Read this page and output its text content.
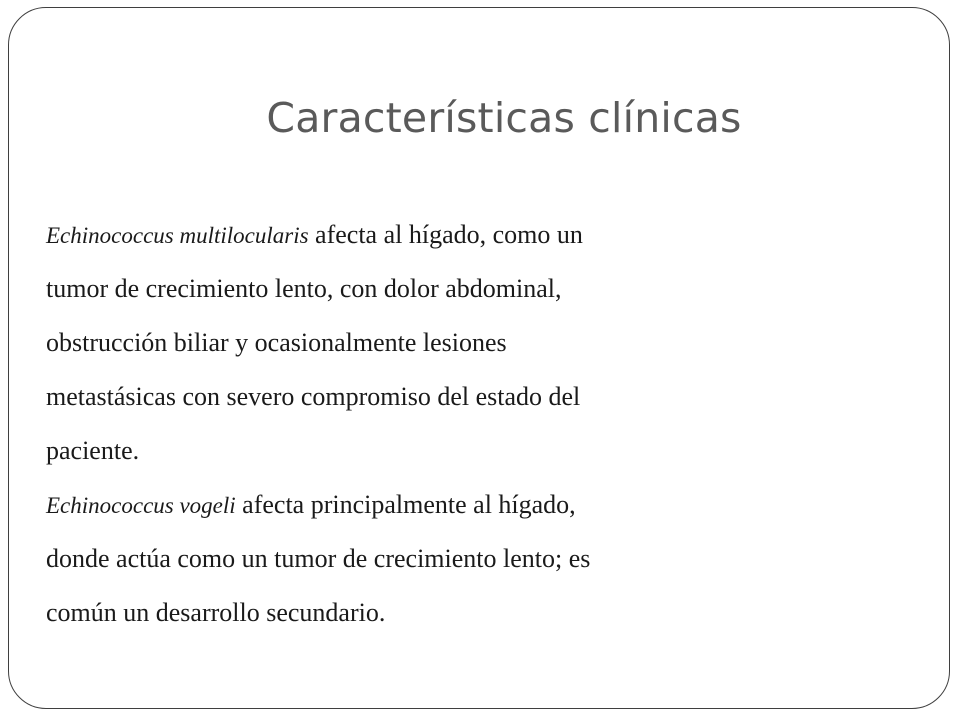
Características clínicas

Echinococcus multilocularis afecta al hígado, como un
tumor de crecimiento lento, con dolor abdominal,
obstrucción biliar y ocasionalmente lesiones
metastásicas con severo compromiso del estado del
paciente.

Echinococcus vogeli afecta principalmente al hígado,
donde actúa como un tumor de crecimiento lento; es
común un desarrollo secundario.
